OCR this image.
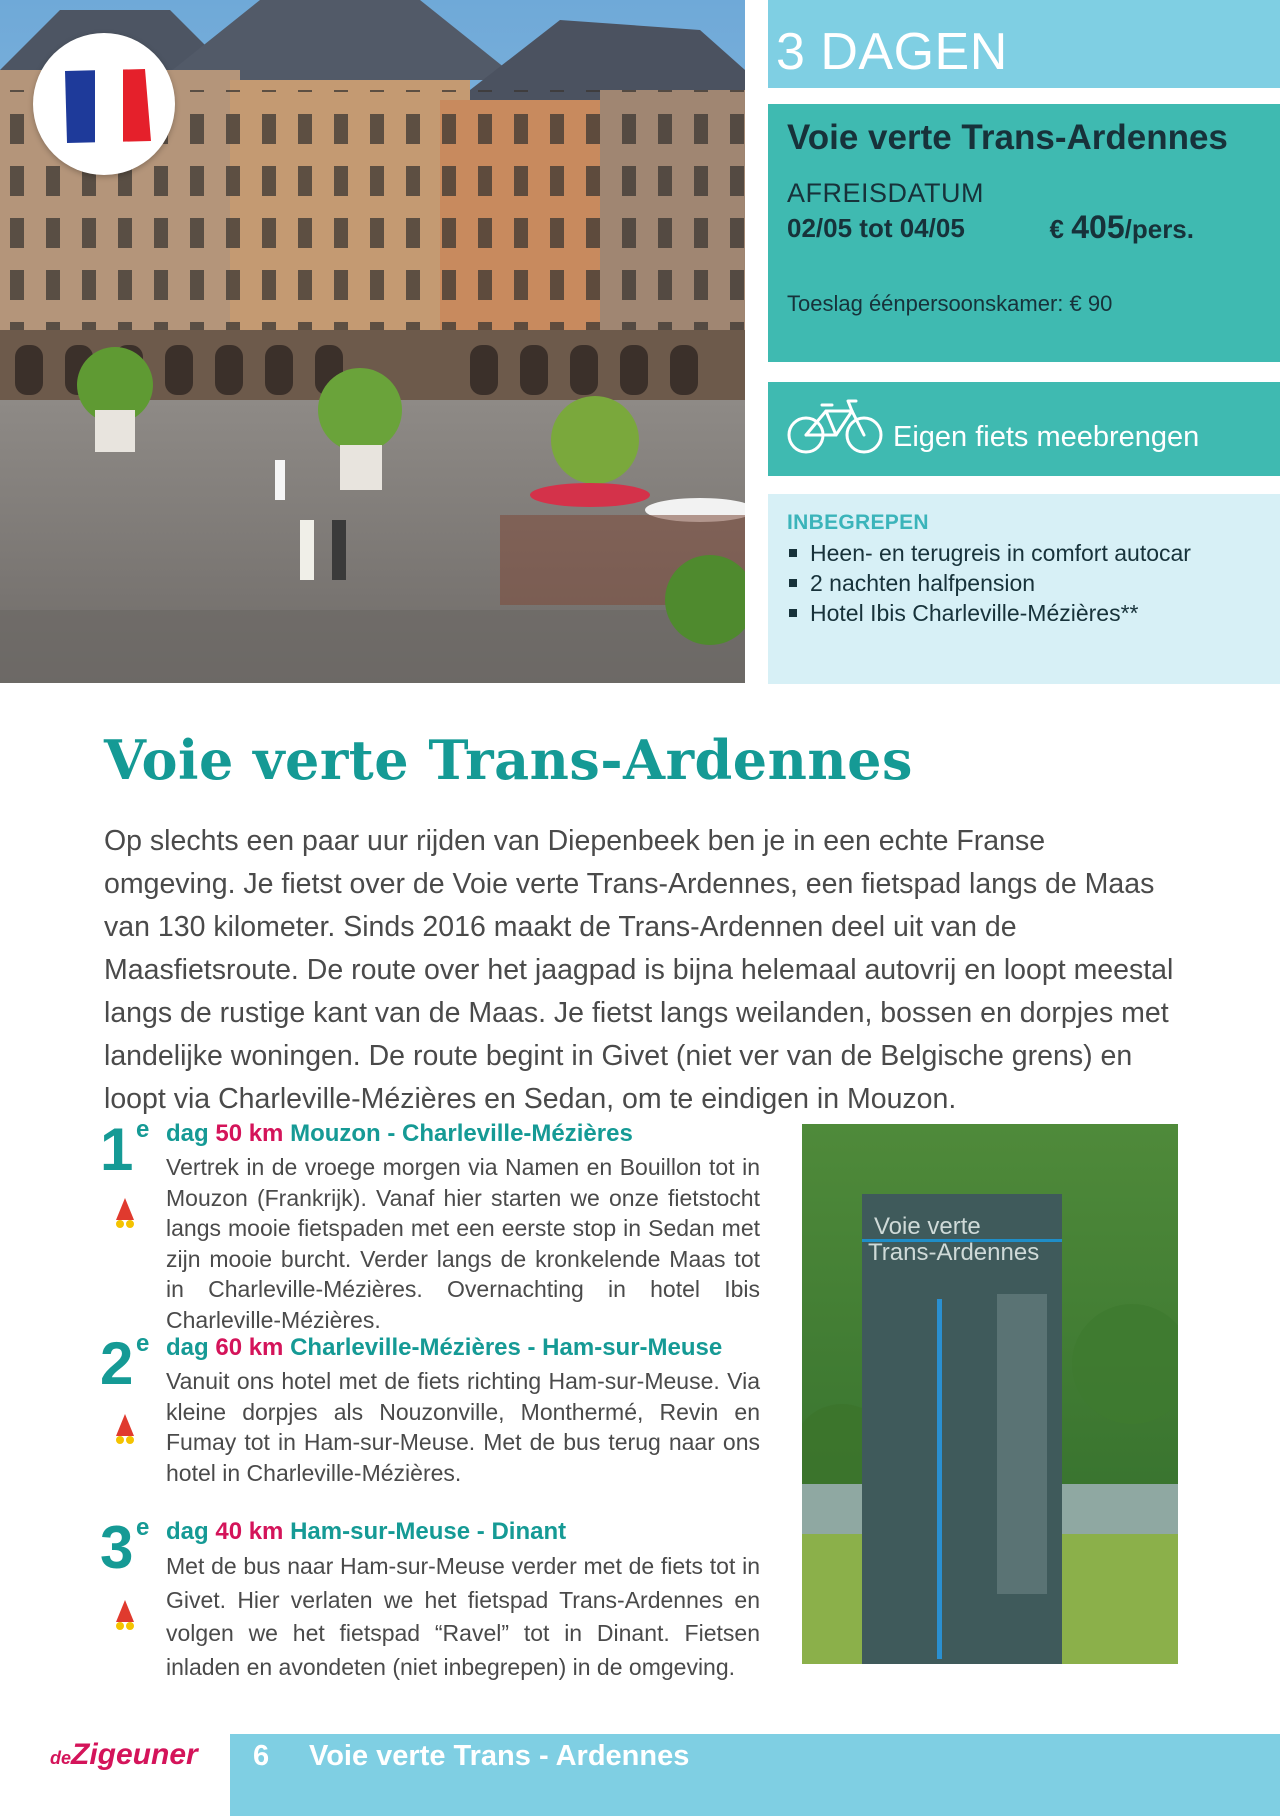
3 DAGEN
Voie verte Trans-Ardennes
AFREISDATUM
02/05 tot 04/05	€ 405/pers.
Toeslag éénpersoonskamer: € 90
Eigen fiets meebrengen
INBEGREPEN
Heen- en terugreis in comfort autocar
2 nachten halfpension
Hotel Ibis Charleville-Mézières**
Voie verte Trans-Ardennes

Op slechts een paar uur rijden van Diepenbeek ben je in een echte Franse omgeving. Je fietst over de Voie verte Trans-Ardennes, een fietspad langs de Maas van 130 kilometer. Sinds 2016 maakt de Trans-Ardennen deel uit van de Maasfietsroute. De route over het jaagpad is bijna helemaal autovrij en loopt meestal langs de rustige kant van de Maas. Je fietst langs weilanden, bossen en dorpjes met landelijke woningen. De route begint in Givet (niet ver van de Belgische grens) en loopt via Charleville-Mézières en Sedan, om te eindigen in Mouzon.

1 e dag 50 km Mouzon - Charleville-Mézières

Vertrek in de vroege morgen via Namen en Bouillon tot in Mouzon (Frankrijk). Vanaf hier starten we onze fietstocht langs mooie fietspaden met een eerste stop in Sedan met zijn mooie burcht. Verder langs de kronkelende Maas tot in Charleville-Mézières. Overnachting in hotel Ibis Charleville-Mézières.

2 e dag 60 km Charleville-Mézières - Ham-sur-Meuse

Vanuit ons hotel met de fiets richting Ham-sur-Meuse. Via kleine dorpjes als Nouzonville, Monthermé, Revin en Fumay tot in Ham-sur-Meuse. Met de bus terug naar ons hotel in Charleville-Mézières.

3 e dag 40 km Ham-sur-Meuse - Dinant

Met de bus naar Ham-sur-Meuse verder met de fiets tot in Givet. Hier verlaten we het fietspad Trans-Ardennes en volgen we het fietspad “Ravel” tot in Dinant. Fietsen inladen en avondeten (niet inbegrepen) in de omgeving.

Voie verte
Trans-Ardennes
deZigeuner 6 Voie verte Trans - Ardennes
